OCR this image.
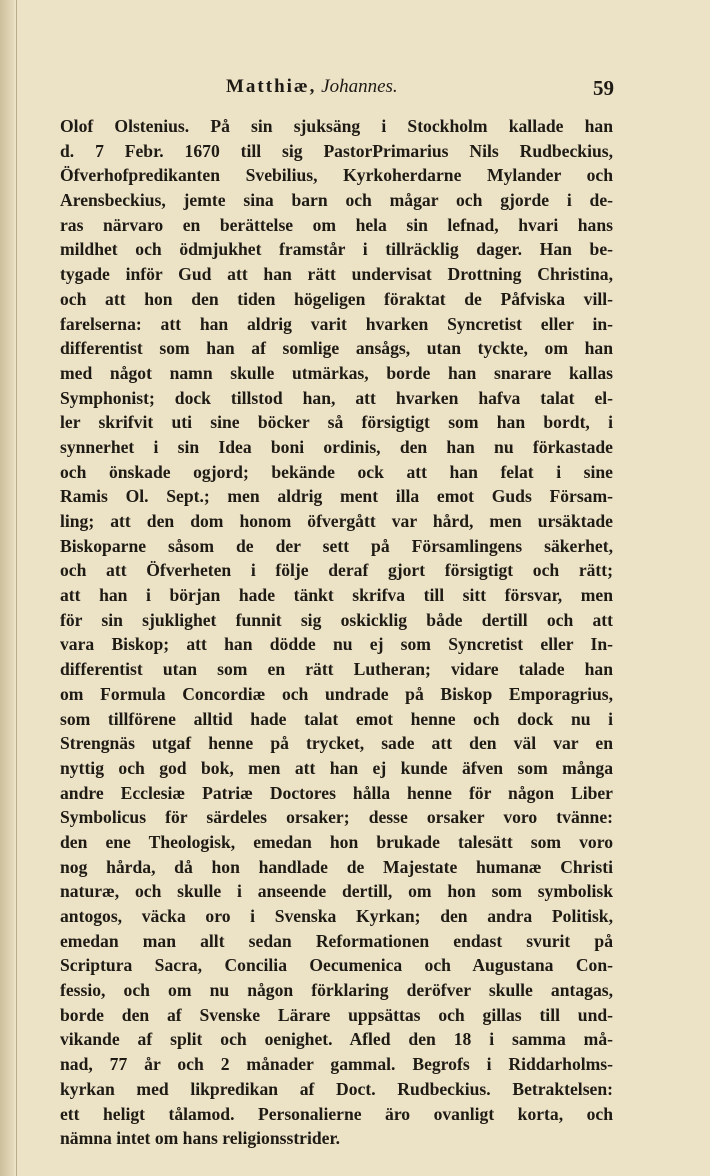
Matthiæ, Johannes.	59
Olof Olstenius. På sin sjuksäng i Stockholm kallade han
d. 7 Febr. 1670 till sig PastorPrimarius Nils Rudbeckius,
Öfverhofpredikanten Svebilius, Kyrkoherdarne Mylander och
Arensbeckius, jemte sina barn och mågar och gjorde i de-
ras närvaro en berättelse om hela sin lefnad, hvari hans
mildhet och ödmjukhet framstår i tillräcklig dager. Han be-
tygade inför Gud att han rätt undervisat Drottning Christina,
och att hon den tiden högeligen föraktat de Påfviska vill-
farelserna: att han aldrig varit hvarken Syncretist eller in-
differentist som han af somlige ansågs, utan tyckte, om han
med något namn skulle utmärkas, borde han snarare kallas
Symphonist; dock tillstod han, att hvarken hafva talat el-
ler skrifvit uti sine böcker så försigtigt som han bordt, i
synnerhet i sin Idea boni ordinis, den han nu förkastade
och önskade ogjord; bekände ock att han felat i sine
Ramis Ol. Sept.; men aldrig ment illa emot Guds Försam-
ling; att den dom honom öfvergått var hård, men ursäktade
Biskoparne såsom de der sett på Församlingens säkerhet,
och att Öfverheten i följe deraf gjort försigtigt och rätt;
att han i början hade tänkt skrifva till sitt försvar, men
för sin sjuklighet funnit sig oskicklig både dertill och att
vara Biskop; att han dödde nu ej som Syncretist eller In-
differentist utan som en rätt Lutheran; vidare talade han
om Formula Concordiæ och undrade på Biskop Emporagrius,
som tillförene alltid hade talat emot henne och dock nu i
Strengnäs utgaf henne på trycket, sade att den väl var en
nyttig och god bok, men att han ej kunde äfven som många
andre Ecclesiæ Patriæ Doctores hålla henne för någon Liber
Symbolicus för särdeles orsaker; desse orsaker voro tvänne:
den ene Theologisk, emedan hon brukade talesätt som voro
nog hårda, då hon handlade de Majestate humanæ Christi
naturæ, och skulle i anseende dertill, om hon som symbolisk
antogos, väcka oro i Svenska Kyrkan; den andra Politisk,
emedan man allt sedan Reformationen endast svurit på
Scriptura Sacra, Concilia Oecumenica och Augustana Con-
fessio, och om nu någon förklaring deröfver skulle antagas,
borde den af Svenske Lärare uppsättas och gillas till und-
vikande af split och oenighet. Afled den 18 i samma må-
nad, 77 år och 2 månader gammal. Begrofs i Riddarholms-
kyrkan med likpredikan af Doct. Rudbeckius. Betraktelsen:
ett heligt tålamod. Personalierne äro ovanligt korta, och
nämna intet om hans religionsstrider.
